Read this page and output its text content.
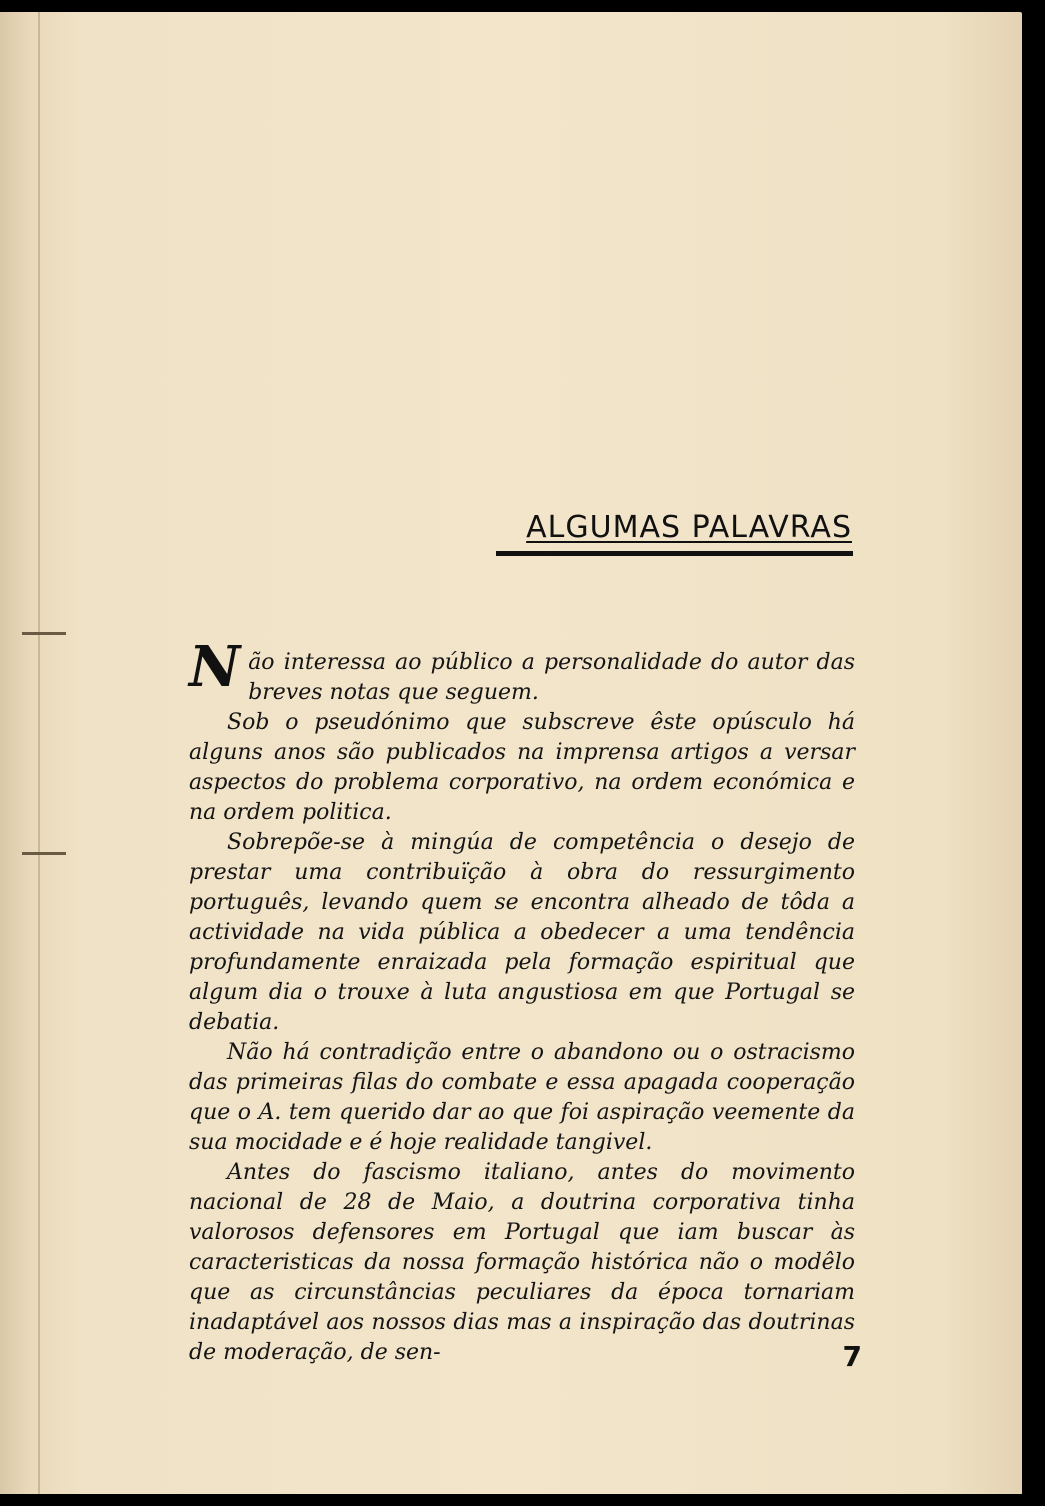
ALGUMAS PALAVRAS

Não interessa ao público a personalidade do autor das breves notas que seguem.

Sob o pseudónimo que subscreve êste opúsculo há alguns anos são publicados na imprensa artigos a versar aspectos do problema corporativo, na ordem económica e na ordem politica.

Sobrepõe-se à mingúa de competência o desejo de prestar uma contribuïção à obra do ressurgimento português, levando quem se encontra alheado de tôda a actividade na vida pública a obedecer a uma tendência profundamente enraizada pela formação espiritual que algum dia o trouxe à luta angustiosa em que Portugal se debatia.

Não há contradição entre o abandono ou o ostracismo das primeiras filas do combate e essa apagada cooperação que o A. tem querido dar ao que foi aspiração veemente da sua mocidade e é hoje realidade tangivel.

Antes do fascismo italiano, antes do movimento nacional de 28 de Maio, a doutrina corporativa tinha valorosos defensores em Portugal que iam buscar às caracteristicas da nossa formação histórica não o modêlo que as circunstâncias peculiares da época tornariam inadaptável aos nossos dias mas a inspiração das doutrinas de moderação, de sen-	7
